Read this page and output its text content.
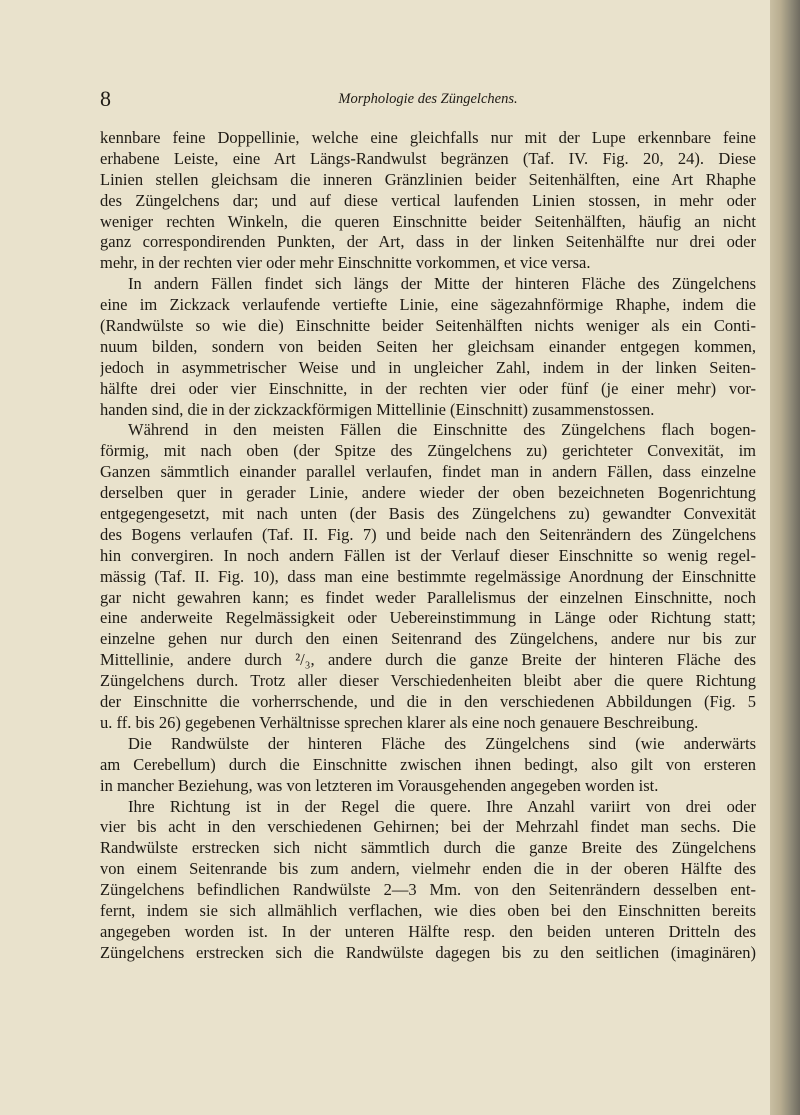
8	Morphologie des Züngelchens.
kennbare feine Doppellinie, welche eine gleichfalls nur mit der Lupe erkennbare feine
erhabene Leiste, eine Art Längs-Randwulst begränzen (Taf. IV. Fig. 20, 24). Diese
Linien stellen gleichsam die inneren Gränzlinien beider Seitenhälften, eine Art Rhaphe
des Züngelchens dar; und auf diese vertical laufenden Linien stossen, in mehr oder
weniger rechten Winkeln, die queren Einschnitte beider Seitenhälften, häufig an nicht
ganz correspondirenden Punkten, der Art, dass in der linken Seitenhälfte nur drei oder
mehr, in der rechten vier oder mehr Einschnitte vorkommen, et vice versa.
In andern Fällen findet sich längs der Mitte der hinteren Fläche des Züngelchens
eine im Zickzack verlaufende vertiefte Linie, eine sägezahnförmige Rhaphe, indem die
(Randwülste so wie die) Einschnitte beider Seitenhälften nichts weniger als ein Conti-
nuum bilden, sondern von beiden Seiten her gleichsam einander entgegen kommen,
jedoch in asymmetrischer Weise und in ungleicher Zahl, indem in der linken Seiten-
hälfte drei oder vier Einschnitte, in der rechten vier oder fünf (je einer mehr) vor-
handen sind, die in der zickzackförmigen Mittellinie (Einschnitt) zusammenstossen.
Während in den meisten Fällen die Einschnitte des Züngelchens flach bogen-
förmig, mit nach oben (der Spitze des Züngelchens zu) gerichteter Convexität, im
Ganzen sämmtlich einander parallel verlaufen, findet man in andern Fällen, dass einzelne
derselben quer in gerader Linie, andere wieder der oben bezeichneten Bogenrichtung
entgegengesetzt, mit nach unten (der Basis des Züngelchens zu) gewandter Convexität
des Bogens verlaufen (Taf. II. Fig. 7) und beide nach den Seitenrändern des Züngelchens
hin convergiren. In noch andern Fällen ist der Verlauf dieser Einschnitte so wenig regel-
mässig (Taf. II. Fig. 10), dass man eine bestimmte regelmässige Anordnung der Einschnitte
gar nicht gewahren kann; es findet weder Parallelismus der einzelnen Einschnitte, noch
eine anderweite Regelmässigkeit oder Uebereinstimmung in Länge oder Richtung statt;
einzelne gehen nur durch den einen Seitenrand des Züngelchens, andere nur bis zur
Mittellinie, andere durch ²/₃, andere durch die ganze Breite der hinteren Fläche des
Züngelchens durch. Trotz aller dieser Verschiedenheiten bleibt aber die quere Richtung
der Einschnitte die vorherrschende, und die in den verschiedenen Abbildungen (Fig. 5
u. ff. bis 26) gegebenen Verhältnisse sprechen klarer als eine noch genauere Beschreibung.
Die Randwülste der hinteren Fläche des Züngelchens sind (wie anderwärts
am Cerebellum) durch die Einschnitte zwischen ihnen bedingt, also gilt von ersteren
in mancher Beziehung, was von letzteren im Vorausgehenden angegeben worden ist.
Ihre Richtung ist in der Regel die quere. Ihre Anzahl variirt von drei oder
vier bis acht in den verschiedenen Gehirnen; bei der Mehrzahl findet man sechs. Die
Randwülste erstrecken sich nicht sämmtlich durch die ganze Breite des Züngelchens
von einem Seitenrande bis zum andern, vielmehr enden die in der oberen Hälfte des
Züngelchens befindlichen Randwülste 2—3 Mm. von den Seitenrändern desselben ent-
fernt, indem sie sich allmählich verflachen, wie dies oben bei den Einschnitten bereits
angegeben worden ist. In der unteren Hälfte resp. den beiden unteren Dritteln des
Züngelchens erstrecken sich die Randwülste dagegen bis zu den seitlichen (imaginären)
